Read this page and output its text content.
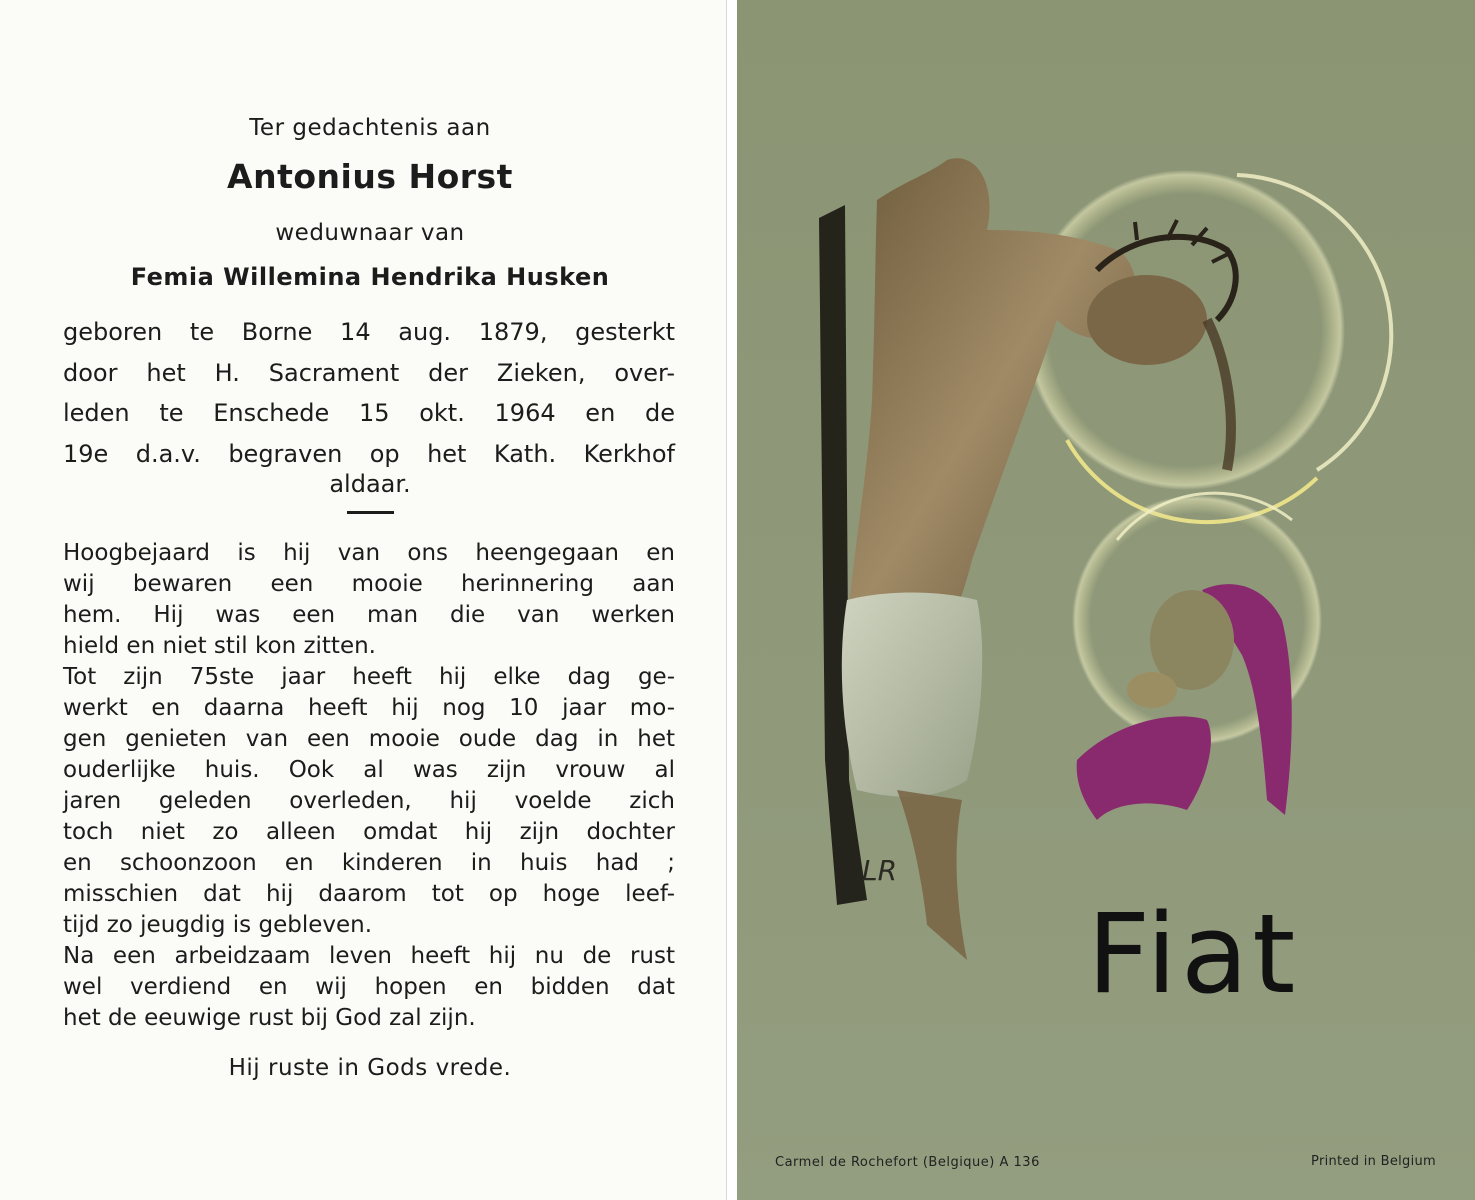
Ter gedachtenis aan
Antonius Horst
weduwnaar van
Femia Willemina Hendrika Husken

geboren te Borne 14 aug. 1879, gesterkt
door het H. Sacrament der Zieken, over-
leden te Enschede 15 okt. 1964 en de
19e d.a.v. begraven op het Kath. Kerkhof

aldaar.

Hoogbejaard is hij van ons heengegaan en
wij bewaren een mooie herinnering aan
hem. Hij was een man die van werken
hield en niet stil kon zitten.
Tot zijn 75ste jaar heeft hij elke dag ge-
werkt en daarna heeft hij nog 10 jaar mo-
gen genieten van een mooie oude dag in het
ouderlijke huis. Ook al was zijn vrouw al
jaren geleden overleden, hij voelde zich
toch niet zo alleen omdat hij zijn dochter
en schoonzoon en kinderen in huis had ;
misschien dat hij daarom tot op hoge leef-
tijd zo jeugdig is gebleven.
Na een arbeidzaam leven heeft hij nu de rust
wel verdiend en wij hopen en bidden dat
het de eeuwige rust bij God zal zijn.

Hij ruste in Gods vrede.
LR
Fiat
Carmel de Rochefort (Belgique) A 136	Printed in Belgium
